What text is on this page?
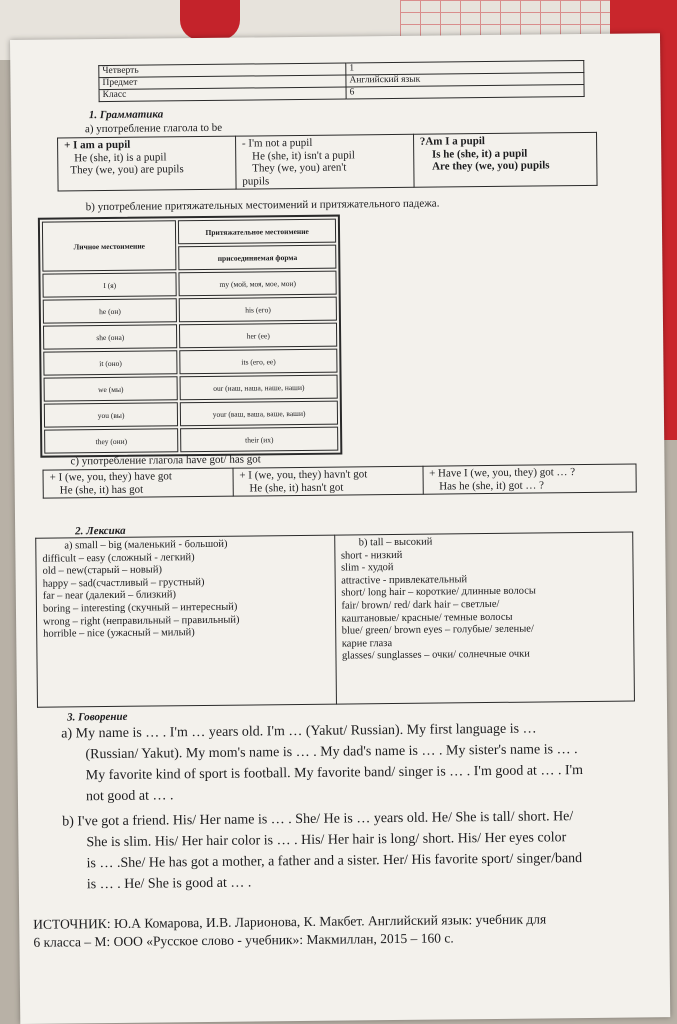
Четверть	1
Предмет	Английский язык
Класс	6
1. Грамматика
a) употребление глагола to be
+ I am a pupil
He (she, it) is a pupil
They (we, you) are pupils

- I'm not a pupil
He (she, it) isn't a pupil
They (we, you) aren't
pupils

?Am I a pupil
Is he (she, it) a pupil
Are they (we, you) pupils
b) употребление притяжательных местоимений и притяжательного падежа.
Личное местоимение	Притяжательное местоимение
	присоединяемая форма
I (я)	my (мой, моя, мое, мои)
he (он)	his (его)
she (она)	her (ее)
it (оно)	its (его, ее)
we (мы)	our (наш, наша, наше, наши)
you (вы)	your (ваш, ваша, ваше, ваши)
they (они)	their (их)
c) употребление глагола have got/ has got
+ I (we, you, they) have got
He (she, it) has got

+ I (we, you, they) havn't got
He (she, it) hasn't got

+ Have I (we, you, they) got … ?
Has he (she, it) got … ?
2. Лексика
a) small – big (маленький - большой)
difficult – easy (сложный - легкий)
old – new(старый – новый)
happy – sad(счастливый – грустный)
far – near (далекий – близкий)
boring – interesting (скучный – интересный)
wrong – right (неправильный – правильный)
horrible – nice (ужасный – милый)

b) tall – высокий
short - низкий
slim - худой
attractive - привлекательный
short/ long hair – короткие/ длинные волосы
fair/ brown/ red/ dark hair – светлые/
каштановые/ красные/ темные волосы
blue/ green/ brown eyes – голубые/ зеленые/
карие глаза
glasses/ sunglasses – очки/ солнечные очки
3. Говорение
a) My name is … . I'm … years old. I'm … (Yakut/ Russian). My first language is …
(Russian/ Yakut). My mom's name is … . My dad's name is … . My sister's name is … .
My favorite kind of sport is football. My favorite band/ singer is … . I'm good at … . I'm
not good at … .
b) I've got a friend. His/ Her name is … . She/ He is … years old. He/ She is tall/ short. He/
She is slim. His/ Her hair color is … . His/ Her hair is long/ short. His/ Her eyes color
is … .She/ He has got a mother, a father and a sister. Her/ His favorite sport/ singer/band
is … . He/ She is good at … .
ИСТОЧНИК: Ю.А Комарова, И.В. Ларионова, К. Макбет. Английский язык: учебник для
6 класса – М: ООО «Русское слово - учебник»: Макмиллан, 2015 – 160 с.
